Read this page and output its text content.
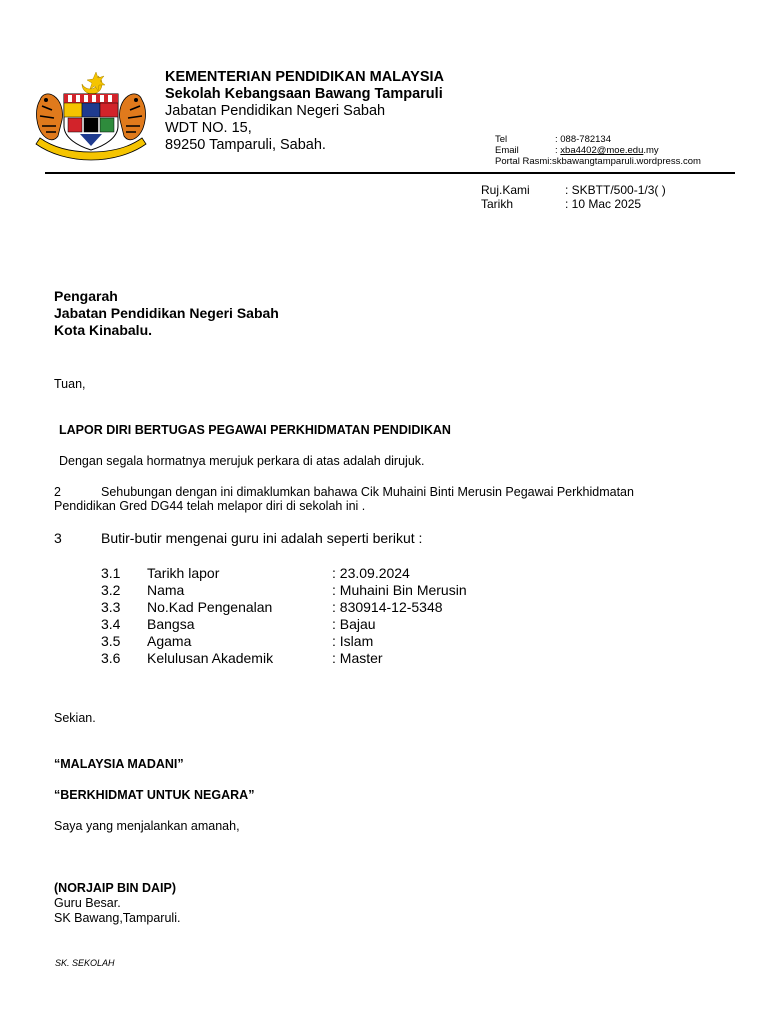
KEMENTERIAN PENDIDIKAN MALAYSIA
Sekolah Kebangsaan Bawang Tamparuli
Jabatan Pendidikan Negeri Sabah
WDT NO. 15,
89250 Tamparuli, Sabah.	Tel	: 088-782134
Email	: xba4402@moe.edu.my
Portal Rasmi:skbawangtamparuli.wordpress.com
Ruj.Kami	: SKBTT/500-1/3( )
Tarikh	: 10 Mac 2025
Pengarah
Jabatan Pendidikan Negeri Sabah
Kota Kinabalu.
Tuan,
LAPOR DIRI BERTUGAS PEGAWAI PERKHIDMATAN PENDIDIKAN
Dengan segala hormatnya merujuk perkara di atas adalah dirujuk.
2	Sehubungan dengan ini dimaklumkan bahawa Cik Muhaini Binti Merusin Pegawai Perkhidmatan
Pendidikan Gred DG44 telah melapor diri di sekolah ini .
3	Butir-butir mengenai guru ini adalah seperti berikut :
3.1 Tarikh lapor	: 23.09.2024
3.2 Nama	: Muhaini Bin Merusin
3.3 No.Kad Pengenalan	: 830914-12-5348
3.4 Bangsa	: Bajau
3.5 Agama	: Islam
3.6 Kelulusan Akademik	: Master
Sekian.
“MALAYSIA MADANI”
“BERKHIDMAT UNTUK NEGARA”
Saya yang menjalankan amanah,
(NORJAIP BIN DAIP)
Guru Besar.
SK Bawang,Tamparuli.
SK. SEKOLAH
